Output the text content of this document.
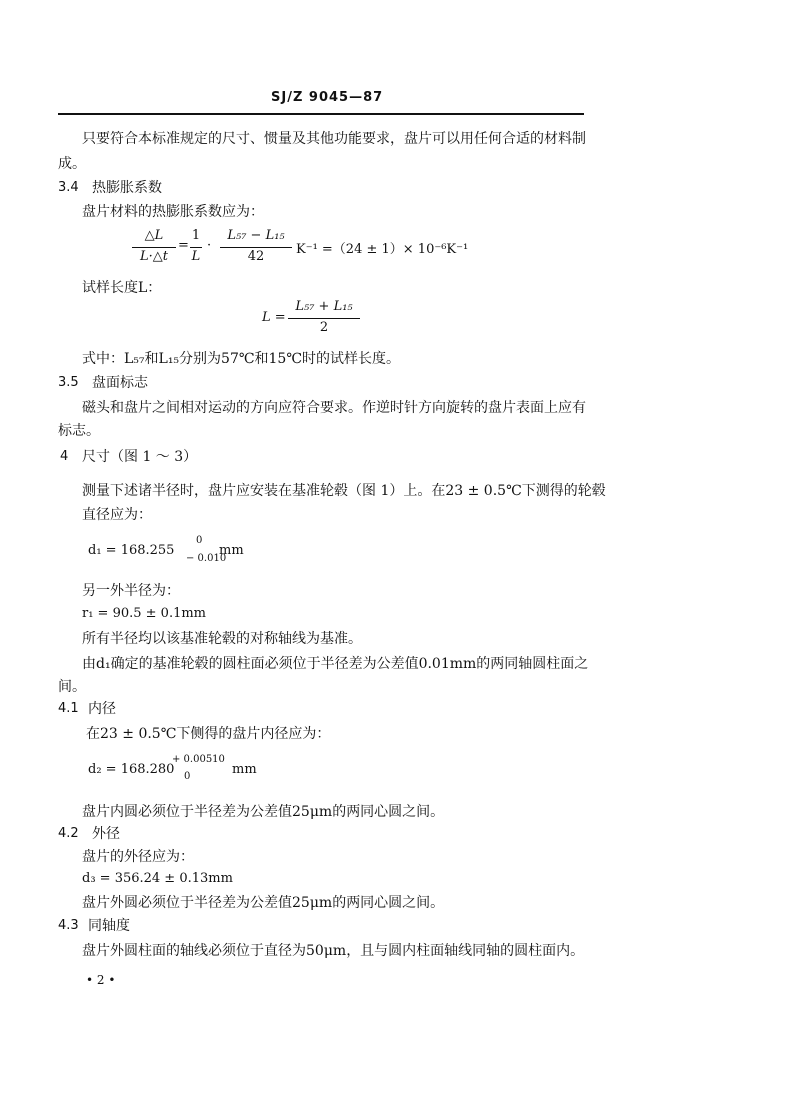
SJ/Z 9045—87
只要符合本标准规定的尺寸、惯量及其他功能要求，盘片可以用任何合适的材料制
成。
3.4 热膨胀系数
盘片材料的热膨胀系数应为：
△L
L·△t
=
1
L
·
L₅₇ − L₁₅
42	K⁻¹ =（24 ± 1）× 10⁻⁶K⁻¹
试样长度L：
L =
L₅₇ + L₁₅
2
式中：L₅₇和L₁₅分别为57℃和15℃时的试样长度。
3.5 盘面标志
磁头和盘片之间相对运动的方向应符合要求。作逆时针方向旋转的盘片表面上应有
标志。
4 尺寸（图 1 ～ 3）
测量下述诸半径时，盘片应安装在基准轮毂（图 1）上。在23 ± 0.5℃下测得的轮毂
直径应为：
d₁ = 168.255
0
− 0.010
mm
另一外半径为：
r₁ = 90.5 ± 0.1mm
所有半径均以该基准轮毂的对称轴线为基准。
由d₁确定的基准轮毂的圆柱面必须位于半径差为公差值0.01mm的两同轴圆柱面之
间。
4.1 内径
在23 ± 0.5℃下侧得的盘片内径应为：
d₂ = 168.280
+ 0.00510
0	mm
盘片内圆必须位于半径差为公差值25μm的两同心圆之间。
4.2 外径
盘片的外径应为：
d₃ = 356.24 ± 0.13mm
盘片外圆必须位于半径差为公差值25μm的两同心圆之间。
4.3 同轴度
盘片外圆柱面的轴线必须位于直径为50μm，且与圆内柱面轴线同轴的圆柱面内。
• 2 •
